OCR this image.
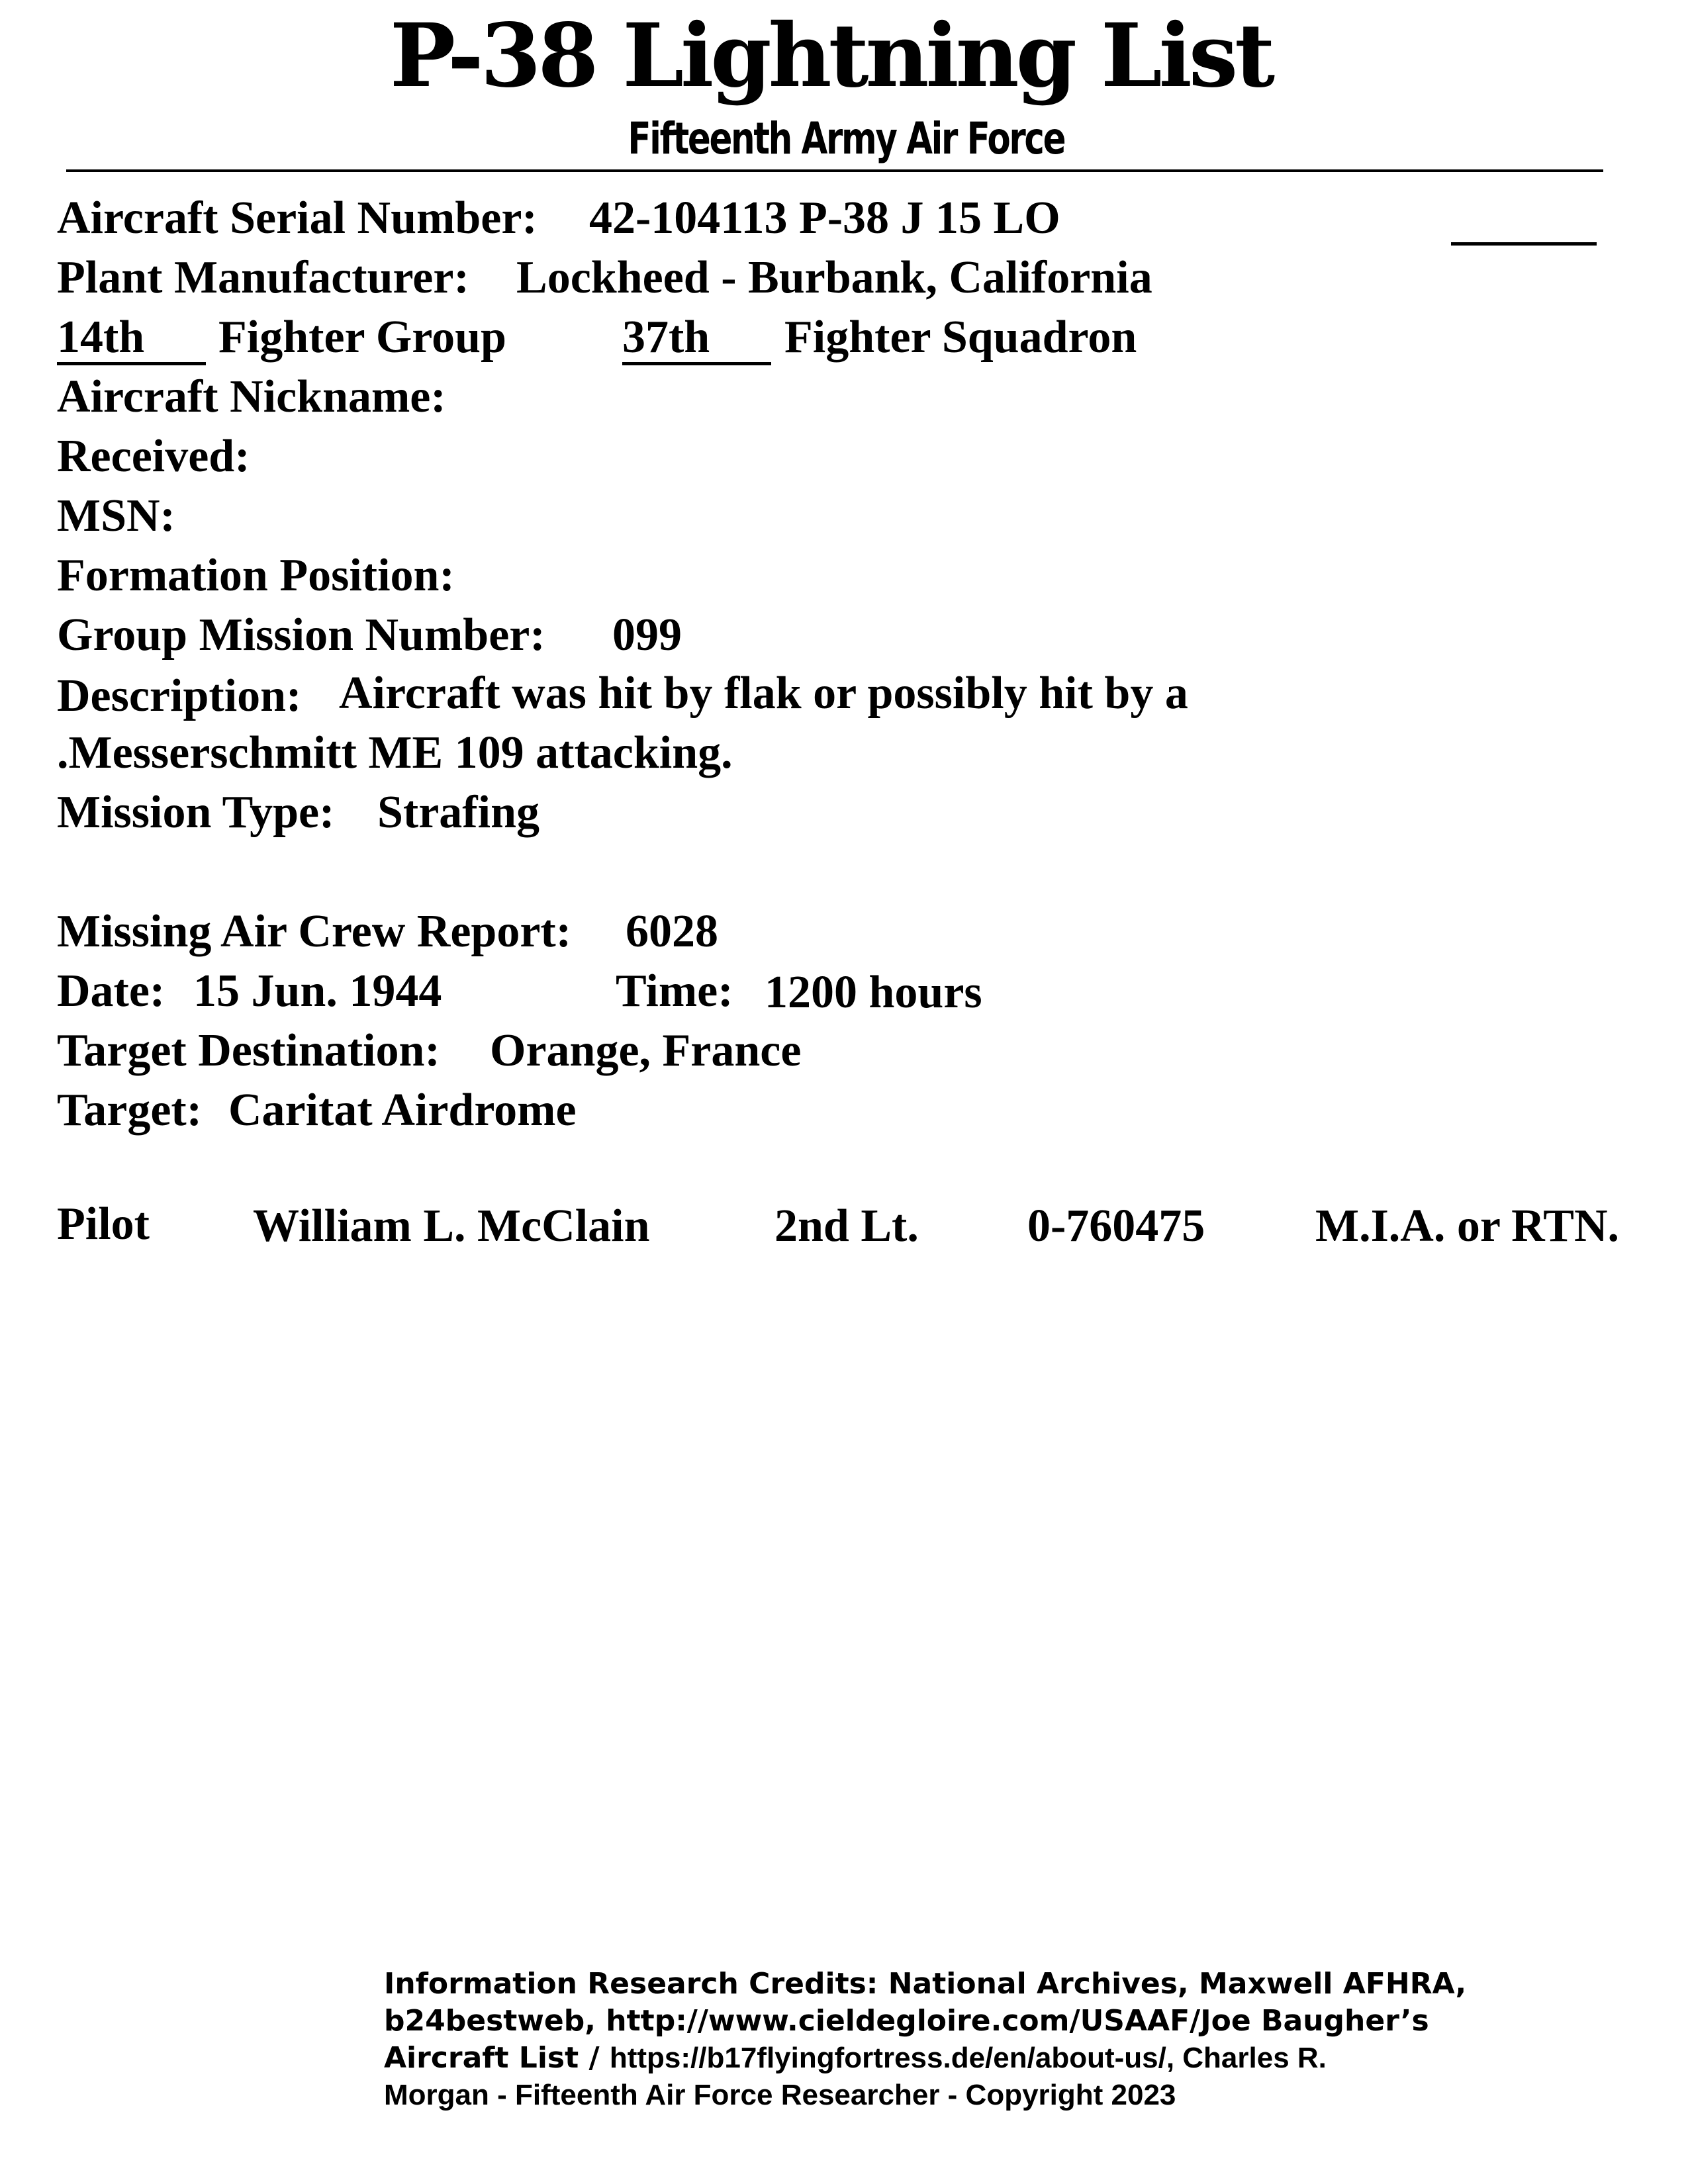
P-38 Lightning List
Fifteenth Army Air Force
Aircraft Serial Number: 42-104113 P-38 J 15 LO
Plant Manufacturer: Lockheed - Burbank, California
14th	Fighter Group	37th	Fighter Squadron
Aircraft Nickname:
Received:
MSN:
Formation Position:
Group Mission Number: 099
Description: Aircraft was hit by flak or possibly hit by a
.Messerschmitt ME 109 attacking.
Mission Type: Strafing
Missing Air Crew Report: 6028
Date: 15 Jun. 1944	Time: 1200 hours
Target Destination: Orange, France
Target: Caritat Airdrome
Pilot William L. McClain	2nd Lt. 0-760475 M.I.A. or RTN.
Information Research Credits: National Archives, Maxwell AFHRA,
b24bestweb, http://www.cieldegloire.com/USAAF/Joe Baugher’s
Aircraft List / https://b17flyingfortress.de/en/about-us/, Charles R.
Morgan - Fifteenth Air Force Researcher - Copyright 2023
